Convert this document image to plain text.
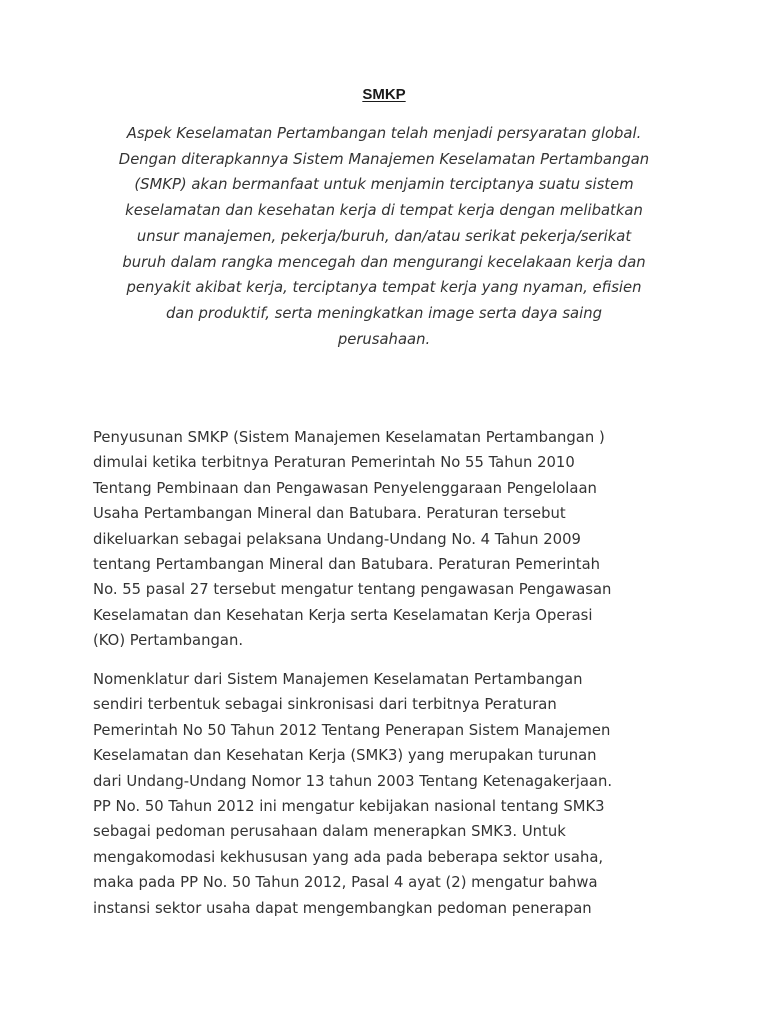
SMKP
Aspek Keselamatan Pertambangan telah menjadi persyaratan global.
Dengan diterapkannya Sistem Manajemen Keselamatan Pertambangan
(SMKP) akan bermanfaat untuk menjamin terciptanya suatu sistem
keselamatan dan kesehatan kerja di tempat kerja dengan melibatkan
unsur manajemen, pekerja/buruh, dan/atau serikat pekerja/serikat
buruh dalam rangka mencegah dan mengurangi kecelakaan kerja dan
penyakit akibat kerja, terciptanya tempat kerja yang nyaman, efisien
dan produktif, serta meningkatkan image serta daya saing
perusahaan.
Penyusunan SMKP (Sistem Manajemen Keselamatan Pertambangan )
dimulai ketika terbitnya Peraturan Pemerintah No 55 Tahun 2010
Tentang Pembinaan dan Pengawasan Penyelenggaraan Pengelolaan
Usaha Pertambangan Mineral dan Batubara. Peraturan tersebut
dikeluarkan sebagai pelaksana Undang-Undang No. 4 Tahun 2009
tentang Pertambangan Mineral dan Batubara. Peraturan Pemerintah
No. 55 pasal 27 tersebut mengatur tentang pengawasan Pengawasan
Keselamatan dan Kesehatan Kerja serta Keselamatan Kerja Operasi
(KO) Pertambangan.
Nomenklatur dari Sistem Manajemen Keselamatan Pertambangan
sendiri terbentuk sebagai sinkronisasi dari terbitnya Peraturan
Pemerintah No 50 Tahun 2012 Tentang Penerapan Sistem Manajemen
Keselamatan dan Kesehatan Kerja (SMK3) yang merupakan turunan
dari Undang-Undang Nomor 13 tahun 2003 Tentang Ketenagakerjaan.
PP No. 50 Tahun 2012 ini mengatur kebijakan nasional tentang SMK3
sebagai pedoman perusahaan dalam menerapkan SMK3. Untuk
mengakomodasi kekhususan yang ada pada beberapa sektor usaha,
maka pada PP No. 50 Tahun 2012, Pasal 4 ayat (2) mengatur bahwa
instansi sektor usaha dapat mengembangkan pedoman penerapan
